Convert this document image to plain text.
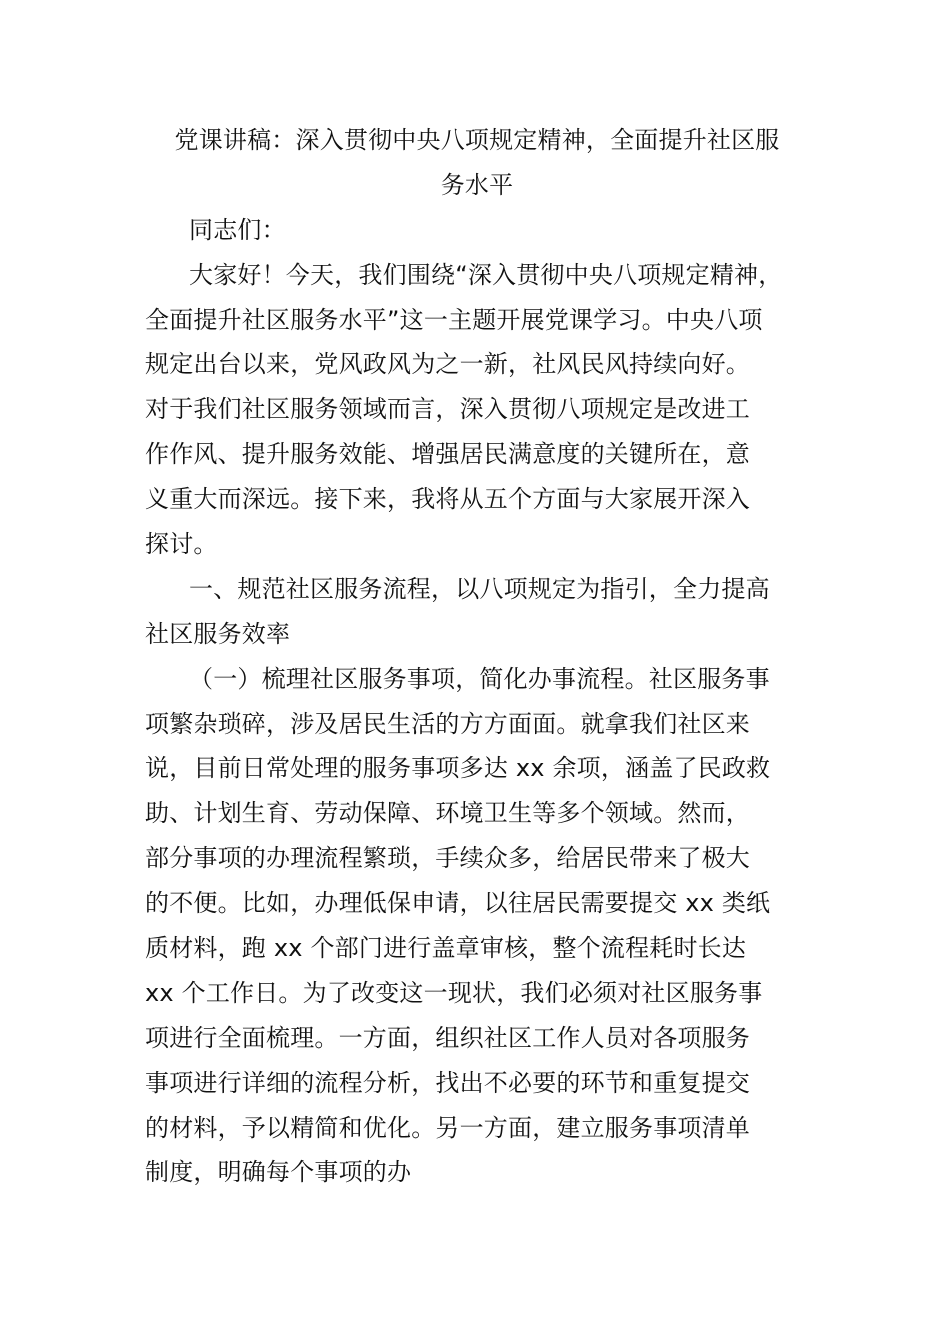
党课讲稿：深入贯彻中央八项规定精神，全面提升社区服
务水平
同志们：
大家好！今天，我们围绕“深入贯彻中央八项规定精神，
全面提升社区服务水平”这一主题开展党课学习。中央八项
规定出台以来，党风政风为之一新，社风民风持续向好。
对于我们社区服务领域而言，深入贯彻八项规定是改进工
作作风、提升服务效能、增强居民满意度的关键所在，意
义重大而深远。接下来，我将从五个方面与大家展开深入
探讨。
一、规范社区服务流程，以八项规定为指引，全力提高
社区服务效率
（一）梳理社区服务事项，简化办事流程。社区服务事
项繁杂琐碎，涉及居民生活的方方面面。就拿我们社区来
说，目前日常处理的服务事项多达 xx 余项，涵盖了民政救
助、计划生育、劳动保障、环境卫生等多个领域。然而，
部分事项的办理流程繁琐，手续众多，给居民带来了极大
的不便。比如，办理低保申请，以往居民需要提交 xx 类纸
质材料，跑 xx 个部门进行盖章审核，整个流程耗时长达
xx 个工作日。为了改变这一现状，我们必须对社区服务事
项进行全面梳理。一方面，组织社区工作人员对各项服务
事项进行详细的流程分析，找出不必要的环节和重复提交
的材料，予以精简和优化。另一方面，建立服务事项清单
制度，明确每个事项的办
